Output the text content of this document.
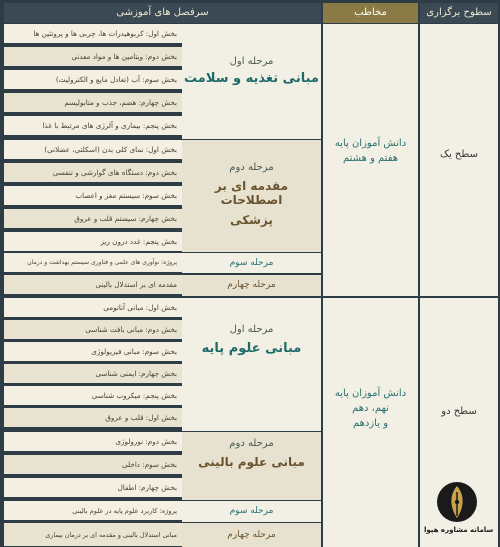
سطوح برگزاری
مخاطب
سرفصل های آموزشی
سطح یک
دانش آموزان پایه
هفتم و هشتم
مرحله اول
مبانی تغذیه و سلامت
بخش اول: کربوهیدرات ها، چربی ها و پروتئین ها
بخش دوم: ویتامین ها و مواد معدنی
بخش سوم: آب (تعادل مایع و الکترولیت)
بخش چهارم: هضم، جذب و متابولیسم
بخش پنجم: بیماری و آلرژی های مرتبط با غذا
مرحله دوم
مقدمه ای بر اصطلاحات
پزشکی
بخش اول: نمای کلی بدن (اسکلتی، عضلانی)
بخش دوم: دستگاه های گوارشی و تنفسی
بخش سوم: سیستم مغز و اعصاب
بخش چهارم: سیستم قلب و عروق
بخش پنجم: غدد درون ریز
مرحله سوم
پروژه: نوآوری های علمی و فناوری سیستم بهداشت و درمان
مرحله چهارم
مقدمه ای بر استدلال بالینی
سطح دو
دانش آموزان پایه
نهم، دهم
و یازدهم
مرحله اول
مبانی علوم پایه
بخش اول: مبانی آناتومی
بخش دوم: مبانی بافت شناسی
بخش سوم: مبانی فیزیولوژی
بخش چهارم: ایمنی شناسی
بخش پنجم: میکروب شناسی
بخش اول: قلب و عروق
مرحله دوم
مبانی علوم بالینی
بخش دوم: نورولوژی
بخش سوم: داخلی
بخش چهارم: اطفال
مرحله سوم
پروژه: کاربرد علوم پایه در علوم بالینی
مرحله چهارم
مبانی استدلال بالینی و مقدمه ای بر درمان بیماری
سامانه مشاوره هپوا
